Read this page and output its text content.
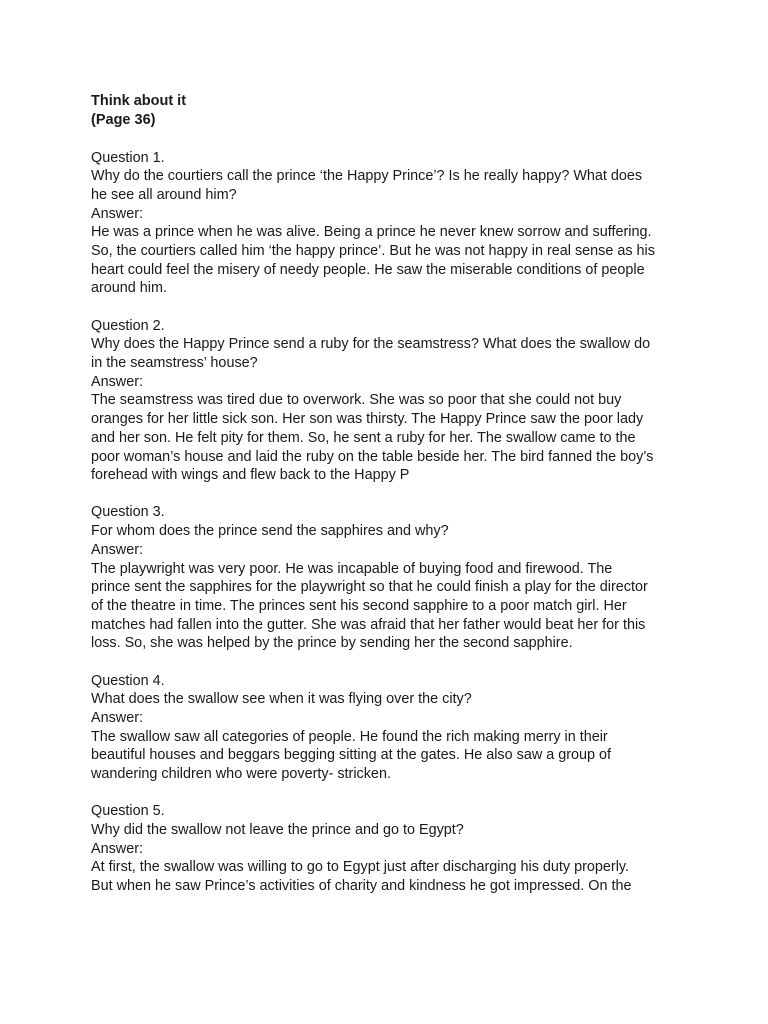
Think about it

(Page 36)

Question 1.
Why do the courtiers call the prince ‘the Happy Prince’? Is he really happy? What does
he see all around him?
Answer:
He was a prince when he was alive. Being a prince he never knew sorrow and suffering.
So, the courtiers called him ‘the happy prince’. But he was not happy in real sense as his
heart could feel the misery of needy people. He saw the miserable conditions of people
around him.
Question 2.
Why does the Happy Prince send a ruby for the seamstress? What does the swallow do
in the seamstress’ house?
Answer:
The seamstress was tired due to overwork. She was so poor that she could not buy
oranges for her little sick son. Her son was thirsty. The Happy Prince saw the poor lady
and her son. He felt pity for them. So, he sent a ruby for her. The swallow came to the
poor woman’s house and laid the ruby on the table beside her. The bird fanned the boy’s
forehead with wings and flew back to the Happy P
Question 3.
For whom does the prince send the sapphires and why?
Answer:
The playwright was very poor. He was incapable of buying food and firewood. The
prince sent the sapphires for the playwright so that he could finish a play for the director
of the theatre in time. The princes sent his second sapphire to a poor match girl. Her
matches had fallen into the gutter. She was afraid that her father would beat her for this
loss. So, she was helped by the prince by sending her the second sapphire.
Question 4.
What does the swallow see when it was flying over the city?
Answer:
The swallow saw all categories of people. He found the rich making merry in their
beautiful houses and beggars begging sitting at the gates. He also saw a group of
wandering children who were poverty- stricken.
Question 5.
Why did the swallow not leave the prince and go to Egypt?
Answer:
At first, the swallow was willing to go to Egypt just after discharging his duty properly.
But when he saw Prince’s activities of charity and kindness he got impressed. On the
